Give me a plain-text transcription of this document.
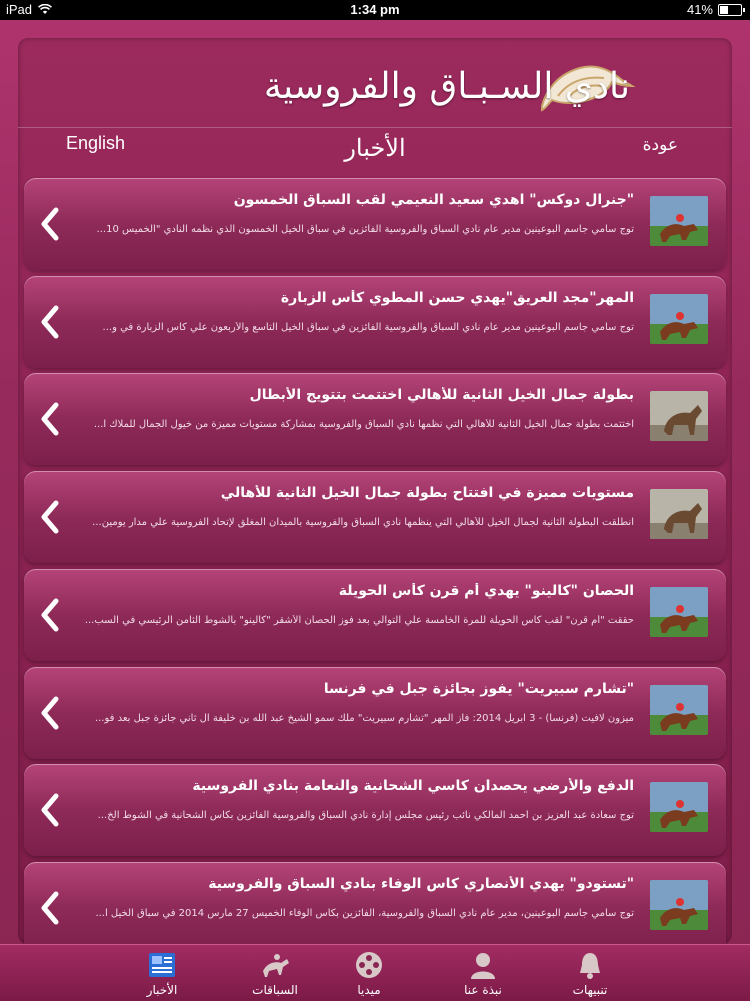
iPad	1:34 pm	41%
نادي السـبـاق والفروسية
English	الأخبار	عودة
"جنرال دوكس" اهدي سعيد النعيمي لقب السباق الخمسون
توج سامي جاسم البوعينين مدير عام نادي السباق والفروسية الفائزين في سباق الخيل الخمسون الذي نظمه النادي "الخميس 10...
المهر"مجد العريق"يهدي حسن المطوي كأس الزبارة
توج سامي جاسم البوعينين مدير عام نادي السباق والفروسية الفائزين في سباق الخيل التاسع والأربعون علي كاس الزبارة في و...
بطولة جمال الخيل الثانية للأهالي اختتمت بتتويج الأبطال
اختتمت بطولة جمال الخيل الثانية للأهالي التي نظمها نادي السباق والفروسية بمشاركة مستويات مميزة من خيول الجمال للملاك ا...
مستويات مميزة في افتتاح بطولة جمال الخيل الثانية للأهالي
انطلقت البطولة الثانية لجمال الخيل للأهالي التي ينظمها نادي السباق والفروسية بالميدان المغلق لإتحاد الفروسية علي مدار يومين...
الحصان "كالينو" يهدي أم قرن كأس الحويلة
حققت "أم قرن" لقب كأس الحويلة للمرة الخامسة علي التوالي بعد فوز الحصان الأشقر "كالينو" بالشوط الثامن الرئيسي في السب...
"تشارم سبيريت" يفوز بجائزة جبل في فرنسا
ميزون لافيت (فرنسا) - 3 ابريل 2014: فاز المهر "تشارم سبيريت" ملك سمو الشيخ عبد الله بن خليفة ال ثاني جائزة جبل بعد فو...
الدفع والأرضي يحصدان كاسي الشحانية والنعامة بنادي الفروسية
توج سعادة عبد العزيز بن أحمد المالكي نائب رئيس مجلس إدارة نادي السباق والفروسية الفائزين بكأس الشحانية في الشوط الخ...
"تستودو" يهدي الأنصاري كاس الوفاء بنادي السباق والفروسية
توج سامي جاسم البوعينين، مدير عام نادي السباق والفروسية، الفائزين بكأس الوفاء الخميس 27 مارس 2014 في سباق الخيل ا...
تنبيهات
نبذة عنا
ميديا
السباقات
الأخبار
